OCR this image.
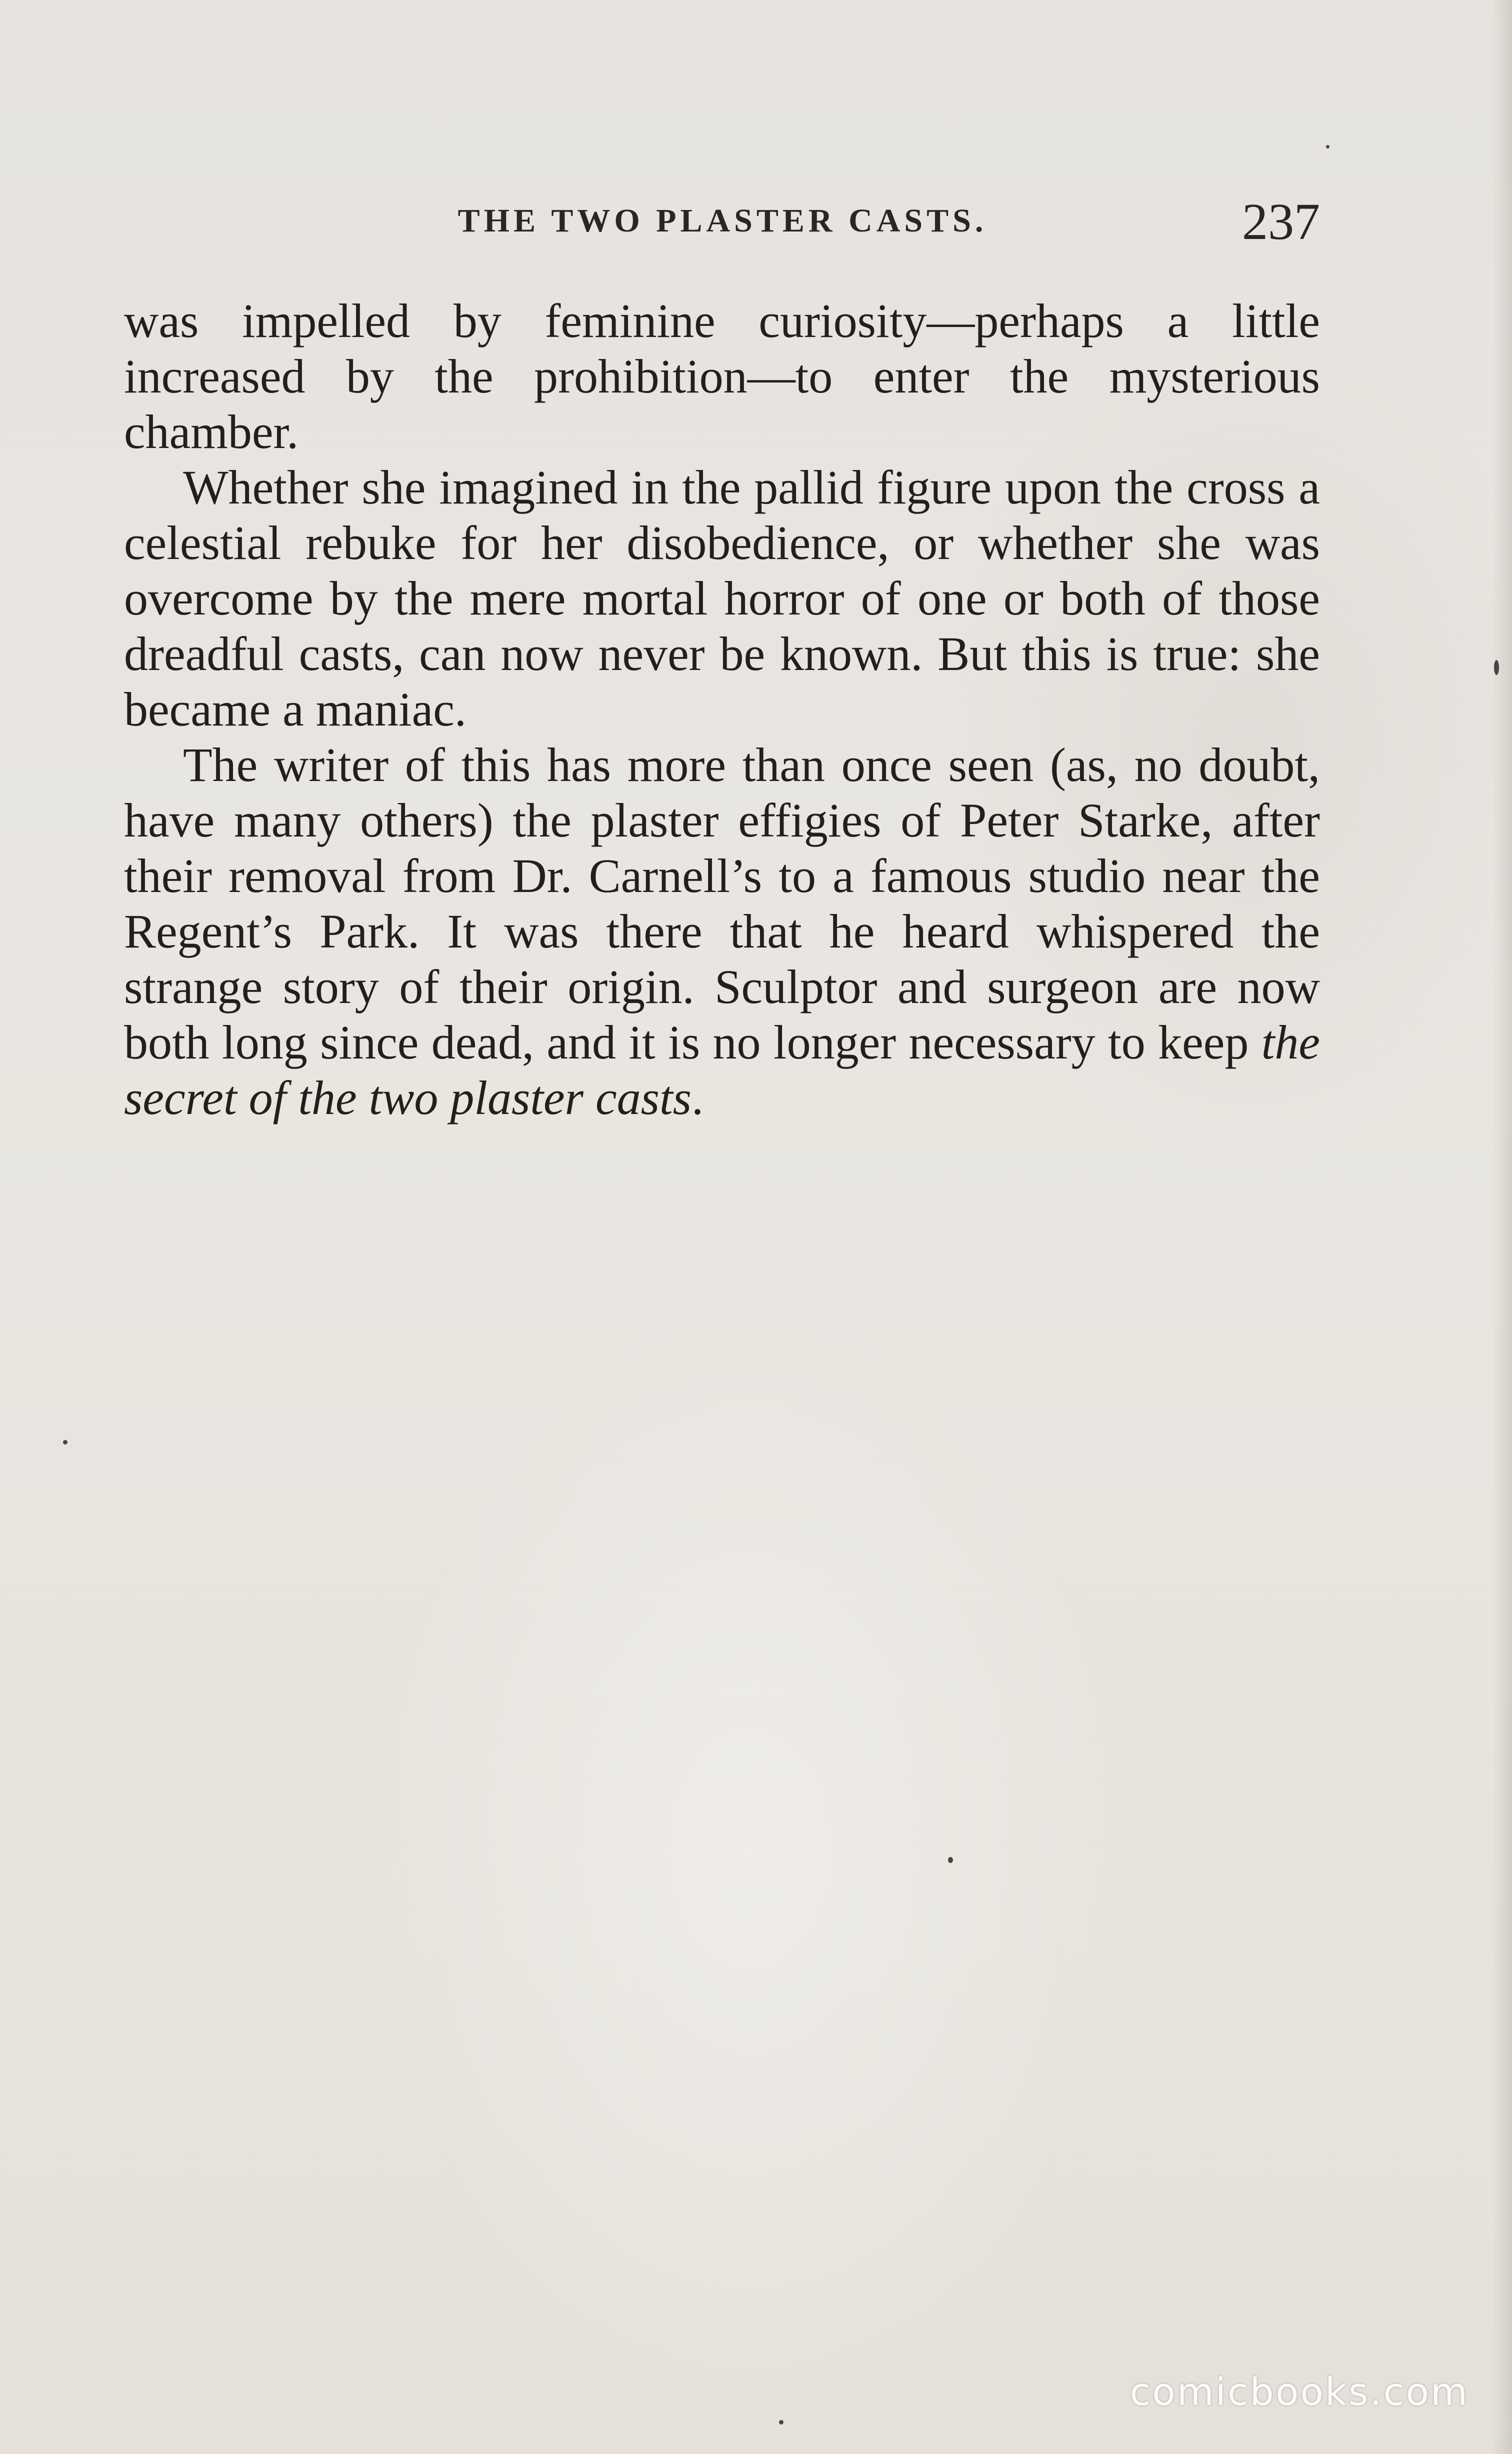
THE TWO PLASTER CASTS.	237

was impelled by feminine curiosity—perhaps a little increased by the prohibition—to enter the mysterious chamber.

Whether she imagined in the pallid figure upon the cross a celestial rebuke for her disobedience, or whether she was overcome by the mere mortal horror of one or both of those dreadful casts, can now never be known. But this is true: she became a maniac.

The writer of this has more than once seen (as, no doubt, have many others) the plaster effigies of Peter Starke, after their removal from Dr. Carnell’s to a famous studio near the Regent’s Park. It was there that he heard whispered the strange story of their origin. Sculptor and surgeon are now both long since dead, and it is no longer necessary to keep the secret of the two plaster casts.

comicbooks.com
